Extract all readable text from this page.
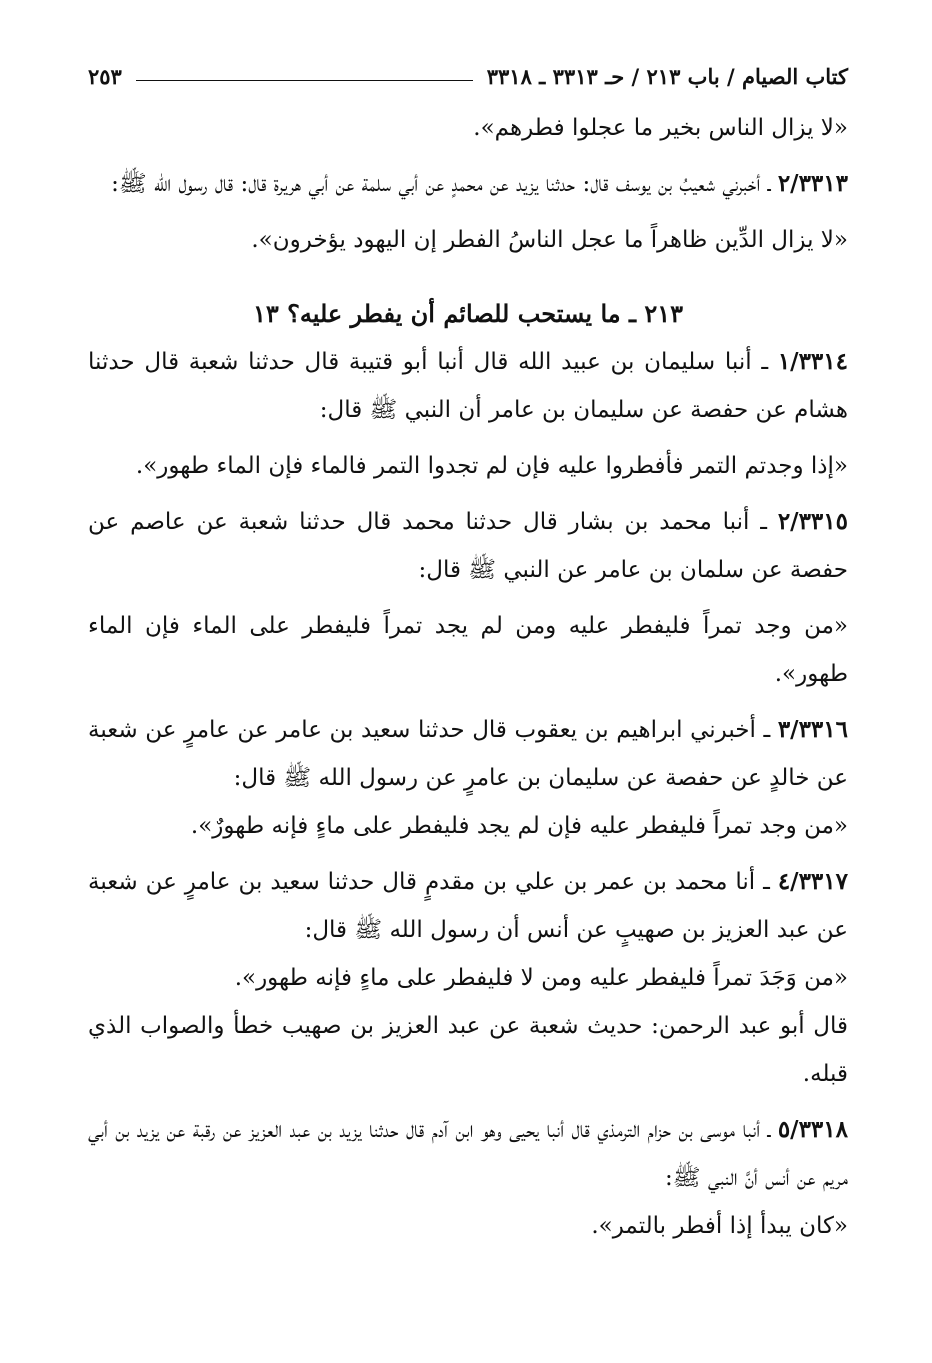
كتاب الصيام / باب ٢١٣ / حـ ٣٣١٣ ـ ٣٣١٨
٢٥٣

«لا يزال الناس بخير ما عجلوا فطرهم».

٢/٣٣١٣ ـ أخبرني شعيبُ بن يوسف قال: حدثنا يزيد عن محمدٍ عن أبي سلمة عن أبي هريرة قال: قال رسول الله ﷺ:

«لا يزال الدِّين ظاهراً ما عجل الناسُ الفطر إن اليهود يؤخرون».

٢١٣ ـ ما يستحب للصائم أن يفطر عليه؟ ١٣

١/٣٣١٤ ـ أنبا سليمان بن عبيد الله قال أنبا أبو قتيبة قال حدثنا شعبة قال حدثنا هشام عن حفصة عن سليمان بن عامر أن النبي ﷺ قال:

«إذا وجدتم التمر فأفطروا عليه فإن لم تجدوا التمر فالماء فإن الماء طهور».

٢/٣٣١٥ ـ أنبا محمد بن بشار قال حدثنا محمد قال حدثنا شعبة عن عاصم عن حفصة عن سلمان بن عامر عن النبي ﷺ قال:

«من وجد تمراً فليفطر عليه ومن لم يجد تمراً فليفطر على الماء فإن الماء طهور».

٣/٣٣١٦ ـ أخبرني ابراهيم بن يعقوب قال حدثنا سعيد بن عامر عن عامرٍ عن شعبة عن خالدٍ عن حفصة عن سليمان بن عامرٍ عن رسول الله ﷺ قال:

«من وجد تمراً فليفطر عليه فإن لم يجد فليفطر على ماءٍ فإنه طهورٌ».

٤/٣٣١٧ ـ أنا محمد بن عمر بن علي بن مقدمٍ قال حدثنا سعيد بن عامرٍ عن شعبة عن عبد العزيز بن صهيبٍ عن أنس أن رسول الله ﷺ قال:

«من وَجَدَ تمراً فليفطر عليه ومن لا فليفطر على ماءٍ فإنه طهور».

قال أبو عبد الرحمن: حديث شعبة عن عبد العزيز بن صهيب خطأ والصواب الذي قبله.

٥/٣٣١٨ ـ أنبا موسى بن حزام الترمذي قال أنبا يحيى وهو ابن آدم قال حدثنا يزيد بن عبد العزيز عن رقبة عن يزيد بن أبي مريم عن أنس أنَّ النبي ﷺ:

«كان يبدأ إذا أفطر بالتمر».
